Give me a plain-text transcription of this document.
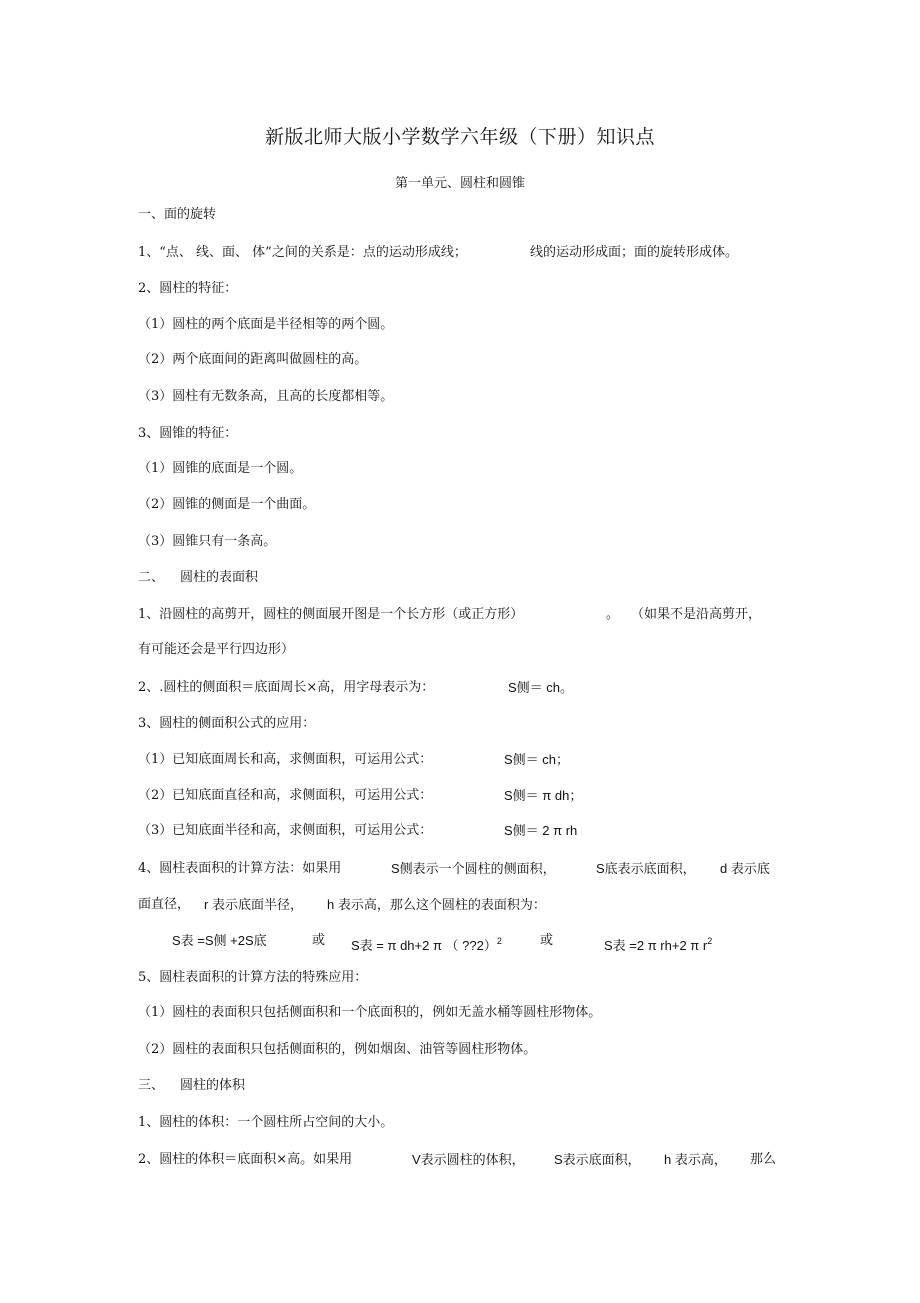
新版北师大版小学数学六年级（下册）知识点
第一单元、圆柱和圆锥
一、面的旋转
1、“点、 线、面、 体”之间的关系是：点的运动形成线；	线的运动形成面；面的旋转形成体。
2、圆柱的特征：
（1）圆柱的两个底面是半径相等的两个圆。
（2）两个底面间的距离叫做圆柱的高。
（3）圆柱有无数条高，且高的长度都相等。
3、圆锥的特征：
（1）圆锥的底面是一个圆。
（2）圆锥的侧面是一个曲面。
（3）圆锥只有一条高。
二、 圆柱的表面积
1、沿圆柱的高剪开，圆柱的侧面展开图是一个长方形（或正方形）	。 （如果不是沿高剪开，
有可能还会是平行四边形）
2、.圆柱的侧面积＝底面周长×高，用字母表示为：	S侧＝ ch。
3、圆柱的侧面积公式的应用：
（1）已知底面周长和高，求侧面积，可运用公式：	S侧＝ ch；
（2）已知底面直径和高，求侧面积，可运用公式：	S侧＝ π dh；
（3）已知底面半径和高，求侧面积，可运用公式：	S侧＝ 2 π rh
4、圆柱表面积的计算方法：如果用	S侧表示一个圆柱的侧面积，	S底表示底面积， d 表示底
面直径， r 表示底面半径， h 表示高，那么这个圆柱的表面积为：
S表 =S侧 +2S底	或 S表 = π dh+2 π （ ??2）$^2$	或	S表 =2 π rh+2 π $r^2$
5、圆柱表面积的计算方法的特殊应用：
（1）圆柱的表面积只包括侧面积和一个底面积的，例如无盖水桶等圆柱形物体。
（2）圆柱的表面积只包括侧面积的，例如烟囱、油管等圆柱形物体。
三、 圆柱的体积
1、圆柱的体积：一个圆柱所占空间的大小。
2、圆柱的体积＝底面积×高。如果用	V表示圆柱的体积， S表示底面积， h 表示高， 那么
